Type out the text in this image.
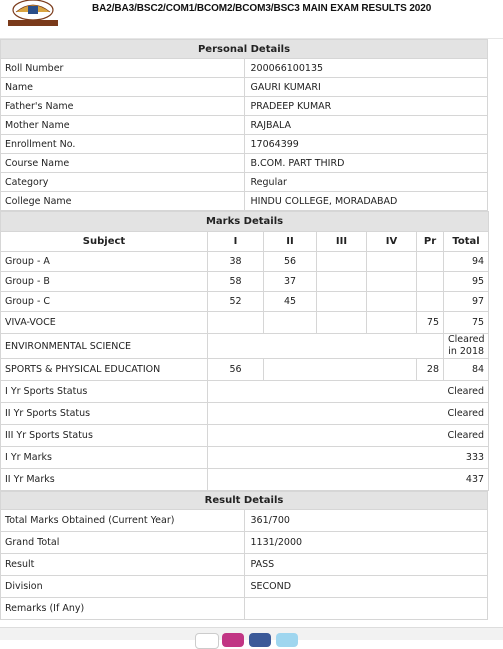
BA2/BA3/BSC2/COM1/BCOM2/BCOM3/BSC3 MAIN EXAM RESULTS 2020
Personal Details	
Roll Number	200066100135
Name	GAURI KUMARI
Father's Name	PRADEEP KUMAR
Mother Name	RAJBALA
Enrollment No.	17064399
Course Name	B.COM. PART THIRD
Category	Regular
College Name	HINDU COLLEGE, MORADABAD
Marks Details						
Subject	I	II	III	IV	Pr	Total
Group - A	38	56				94
Group - B	58	37				95
Group - C	52	45				97
VIVA-VOCE					75	75
ENVIRONMENTAL SCIENCE						Cleared
in 2018
SPORTS & PHYSICAL EDUCATION	56				28	84
I Yr Sports Status	Cleared					
II Yr Sports Status	Cleared					
III Yr Sports Status	Cleared					
I Yr Marks	333					
II Yr Marks	437					
Result Details	
Total Marks Obtained (Current Year)	361/700
Grand Total	1131/2000
Result	PASS
Division	SECOND
Remarks (If Any)	
